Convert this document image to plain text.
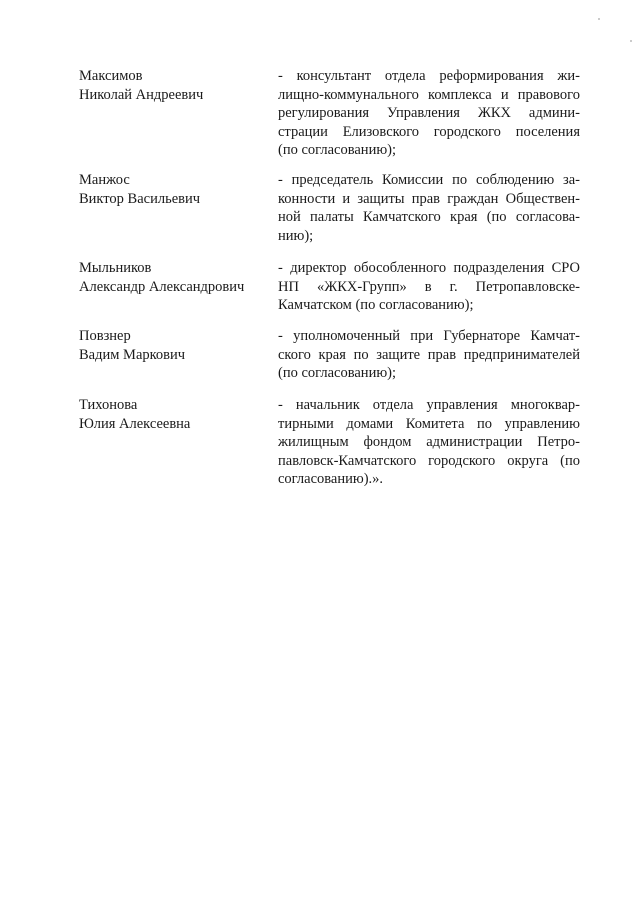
Максимов
Николай Андреевич
- консультант отдела реформирования жи-
лищно-коммунального комплекса и правового
регулирования Управления ЖКХ админи-
страции Елизовского городского поселения
(по согласованию);
Манжос
Виктор Васильевич
- председатель Комиссии по соблюдению за-
конности и защиты прав граждан Обществен-
ной палаты Камчатского края (по согласова-
нию);
Мыльников
Александр Александрович
- директор обособленного подразделения СРО
НП «ЖКХ-Групп» в г. Петропавловске-
Камчатском (по согласованию);
Повзнер
Вадим Маркович
- уполномоченный при Губернаторе Камчат-
ского края по защите прав предпринимателей
(по согласованию);
Тихонова
Юлия Алексеевна
- начальник отдела управления многоквар-
тирными домами Комитета по управлению
жилищным фондом администрации Петро-
павловск-Камчатского городского округа (по
согласованию).».
